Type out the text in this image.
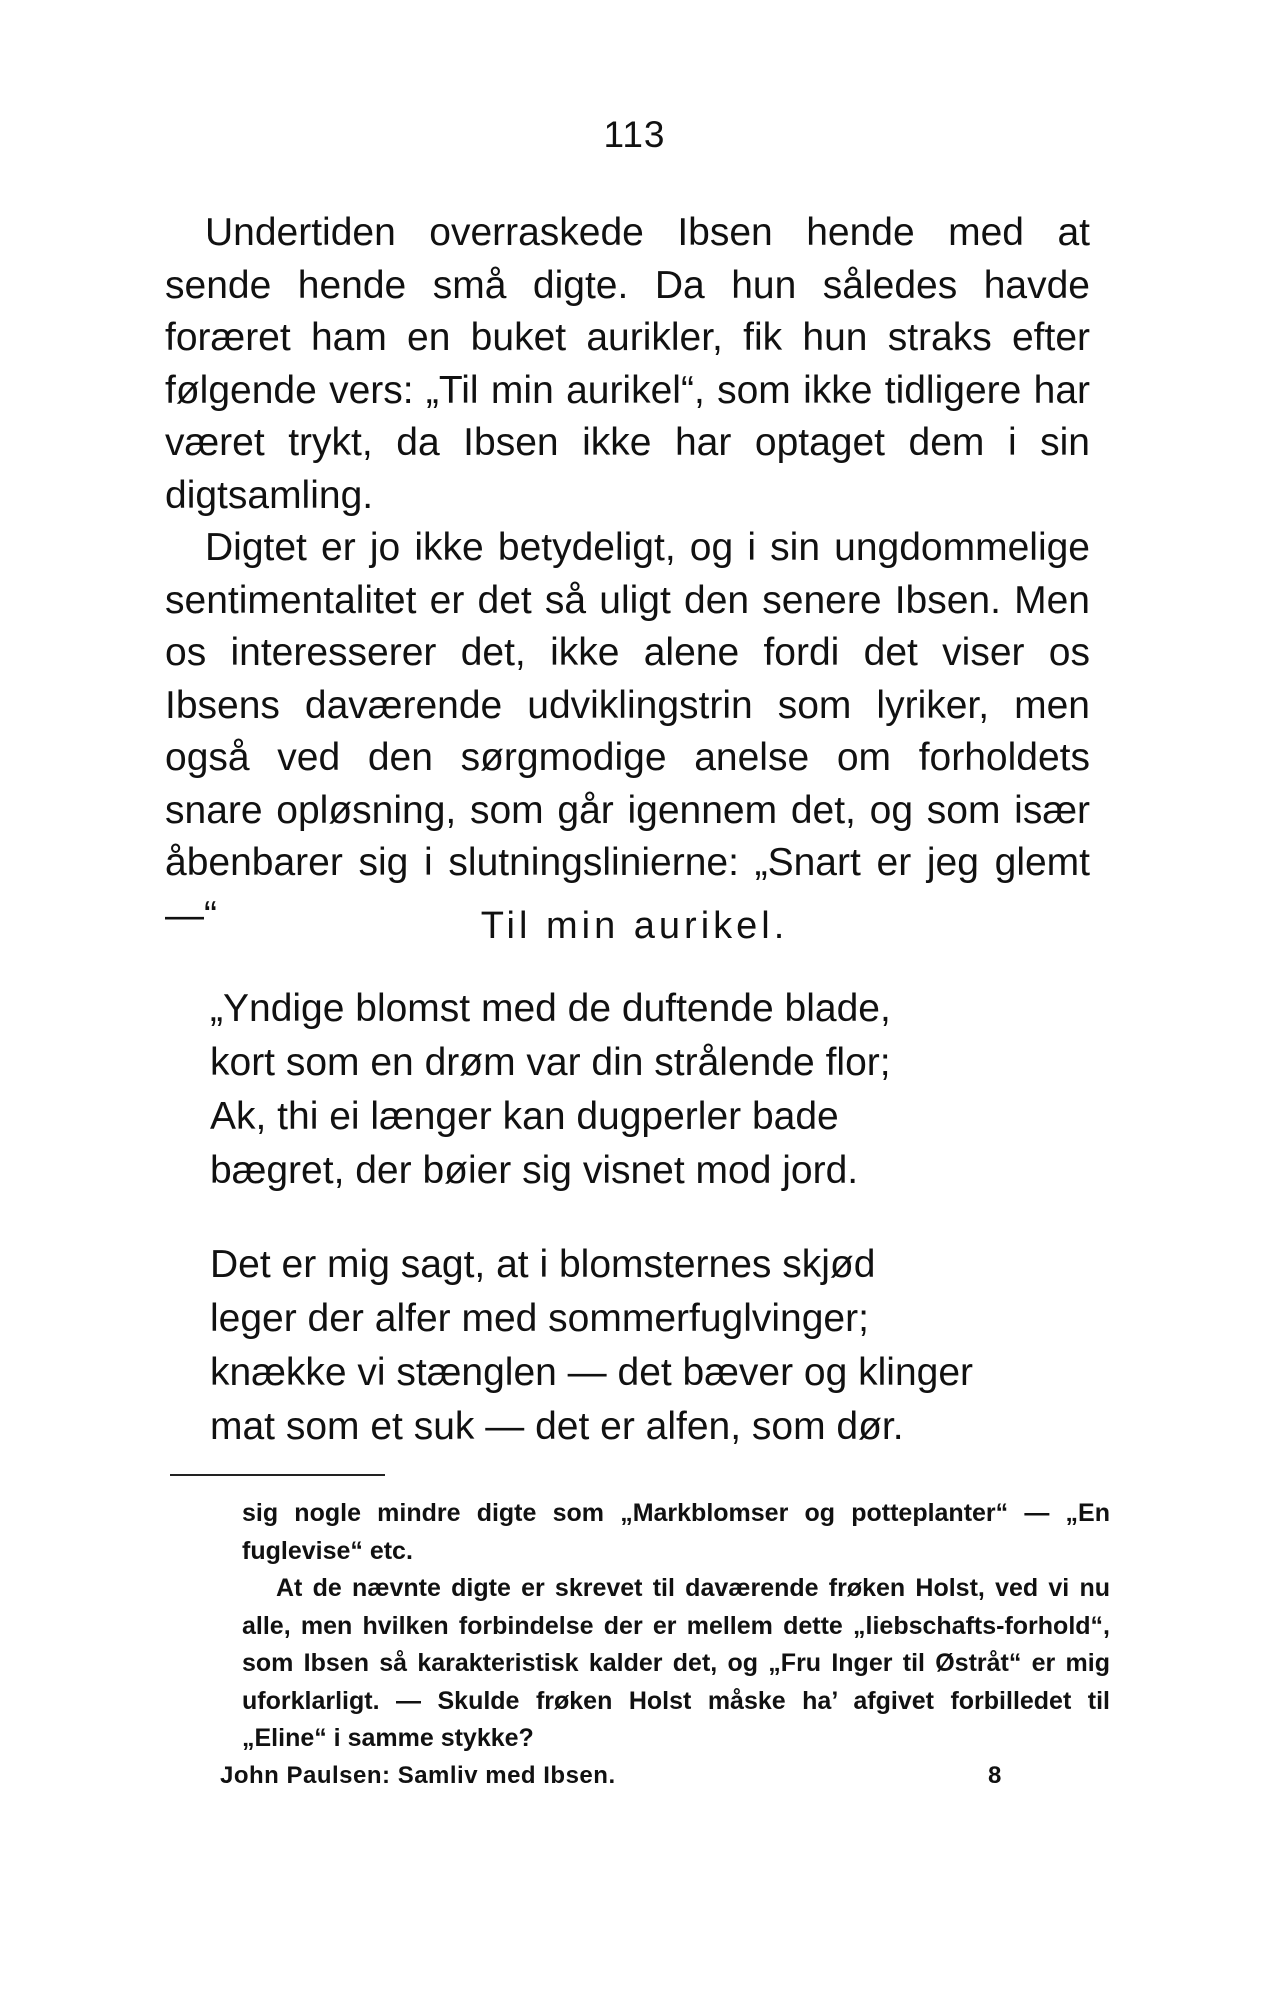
113

Undertiden overraskede Ibsen hende med at sende hende små digte. Da hun således havde foræret ham en buket aurikler, fik hun straks efter følgende vers: „Til min aurikel“, som ikke tidligere har været trykt, da Ibsen ikke har optaget dem i sin digtsamling.

Digtet er jo ikke betydeligt, og i sin ungdommelige sentimentalitet er det så uligt den senere Ibsen. Men os interesserer det, ikke alene fordi det viser os Ibsens daværende udviklingstrin som lyriker, men også ved den sørgmodige anelse om forholdets snare opløsning, som går igennem det, og som især åbenbarer sig i slutningslinierne: „Snart er jeg glemt —“	Til min aurikel.
„Yndige blomst med de duftende blade,
kort som en drøm var din strålende flor;
Ak, thi ei længer kan dugperler bade
bægret, der bøier sig visnet mod jord.
Det er mig sagt, at i blomsternes skjød
leger der alfer med sommerfuglvinger;
knække vi stænglen — det bæver og klinger
mat som et suk — det er alfen, som dør.

sig nogle mindre digte som „Markblomser og potteplanter“ — „En fuglevise“ etc.

At de nævnte digte er skrevet til daværende frøken Holst, ved vi nu alle, men hvilken forbindelse der er mellem dette „liebschafts-forhold“, som Ibsen så karakteristisk kalder det, og „Fru Inger til Østråt“ er mig uforklarligt. — Skulde frøken Holst måske ha’ afgivet forbilledet til „Eline“ i samme stykke?

John Paulsen: Samliv med Ibsen.	8
